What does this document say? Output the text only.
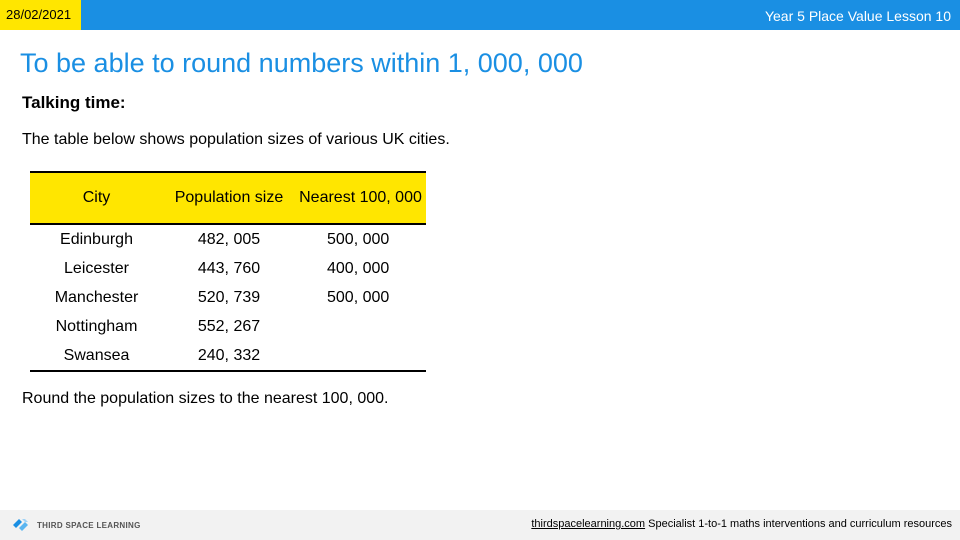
28/02/2021	Year 5 Place Value Lesson 10
To be able to round numbers within 1, 000, 000
Talking time:
The table below shows population sizes of various UK cities.
City	Population size	Nearest 100, 000
Edinburgh	482, 005	500, 000
Leicester	443, 760	400, 000
Manchester	520, 739	500, 000
Nottingham	552, 267	
Swansea	240, 332	
Round the population sizes to the nearest 100, 000.
THIRD SPACE LEARNING	thirdspacelearning.com Specialist 1-to-1 maths interventions and curriculum resources
